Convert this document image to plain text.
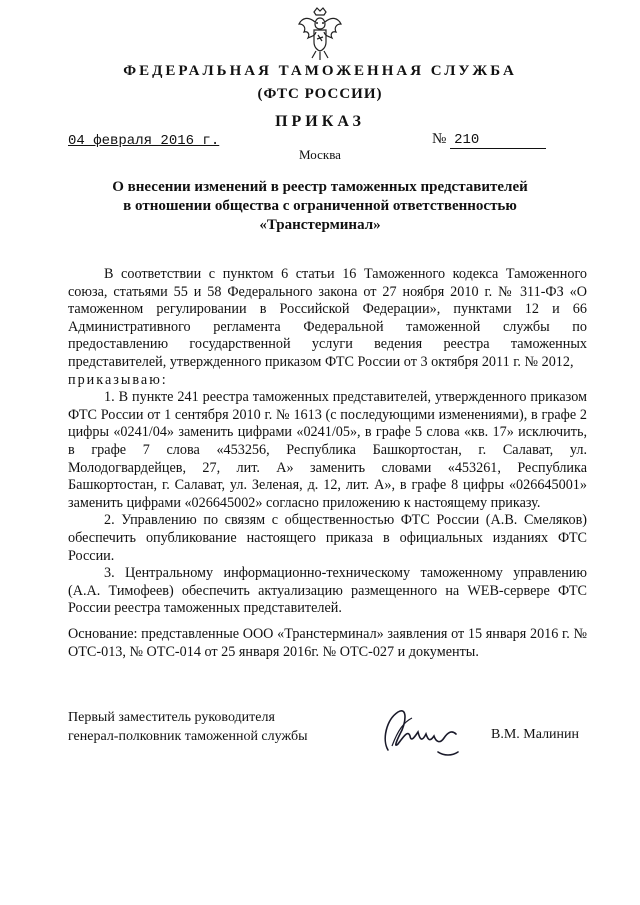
ФЕДЕРАЛЬНАЯ ТАМОЖЕННАЯ СЛУЖБА
(ФТС РОССИИ)
ПРИКАЗ
04 февраля 2016 г.	№ 210
Москва
О внесении изменений в реестр таможенных представителей
в отношении общества с ограниченной ответственностью
«Транстерминал»

В соответствии с пунктом 6 статьи 16 Таможенного кодекса Таможенного союза, статьями 55 и 58 Федерального закона от 27 ноября 2010 г. № 311-ФЗ «О таможенном регулировании в Российской Федерации», пунктами 12 и 66 Административного регламента Федеральной таможенной службы по предоставлению государственной услуги ведения реестра таможенных представителей, утвержденного приказом ФТС России от 3 октября 2011 г. № 2012,

приказываю:

1. В пункте 241 реестра таможенных представителей, утвержденного приказом ФТС России от 1 сентября 2010 г. № 1613 (с последующими изменениями), в графе 2 цифры «0241/04» заменить цифрами «0241/05», в графе 5 слова «кв. 17» исключить, в графе 7 слова «453256, Республика Башкортостан, г. Салават, ул. Молодогвардейцев, 27, лит. А» заменить словами «453261, Республика Башкортостан, г. Салават, ул. Зеленая, д. 12, лит. А», в графе 8 цифры «026645001» заменить цифрами «026645002» согласно приложению к настоящему приказу.

2. Управлению по связям с общественностью ФТС России (А.В. Смеляков) обеспечить опубликование настоящего приказа в официальных изданиях ФТС России.

3. Центральному информационно-техническому таможенному управлению (А.А. Тимофеев) обеспечить актуализацию размещенного на WEB-сервере ФТС России реестра таможенных представителей.

Основание: представленные ООО «Транстерминал» заявления от 15 января 2016 г. № ОТС-013, № ОТС-014 от 25 января 2016г. № ОТС-027 и документы.
Первый заместитель руководителя
генерал-полковник таможенной службы	В.М. Малинин
